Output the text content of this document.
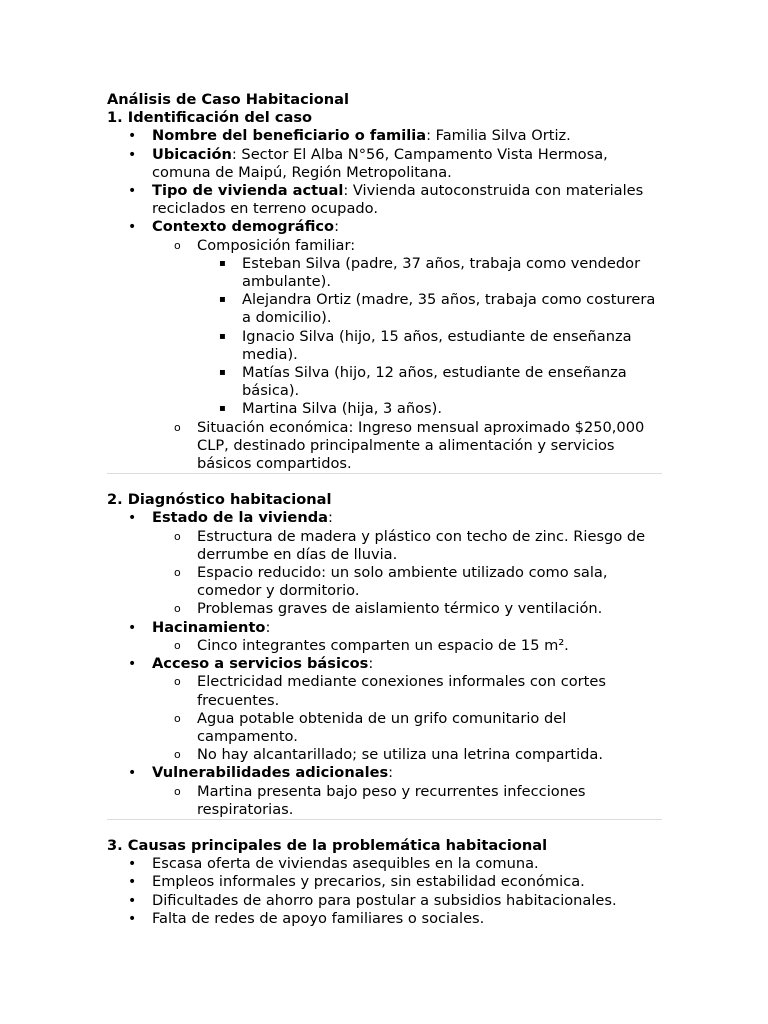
Análisis de Caso Habitacional

1. Identificación del caso

• Nombre del beneficiario o familia: Familia Silva Ortiz.
• Ubicación: Sector El Alba N°56, Campamento Vista Hermosa, comuna de Maipú, Región Metropolitana.
• Tipo de vivienda actual: Vivienda autoconstruida con materiales reciclados en terreno ocupado.
• Contexto demográfico:
o Composición familiar:
▪ Esteban Silva (padre, 37 años, trabaja como vendedor ambulante).
▪ Alejandra Ortiz (madre, 35 años, trabaja como costurera a domicilio).
▪ Ignacio Silva (hijo, 15 años, estudiante de enseñanza media).
▪ Matías Silva (hijo, 12 años, estudiante de enseñanza básica).
▪ Martina Silva (hija, 3 años).
o Situación económica: Ingreso mensual aproximado $250,000 CLP, destinado principalmente a alimentación y servicios básicos compartidos.

2. Diagnóstico habitacional

• Estado de la vivienda:
o Estructura de madera y plástico con techo de zinc. Riesgo de derrumbe en días de lluvia.
o Espacio reducido: un solo ambiente utilizado como sala, comedor y dormitorio.
o Problemas graves de aislamiento térmico y ventilación.
• Hacinamiento:
o Cinco integrantes comparten un espacio de 15 m².
• Acceso a servicios básicos:
o Electricidad mediante conexiones informales con cortes frecuentes.
o Agua potable obtenida de un grifo comunitario del campamento.
o No hay alcantarillado; se utiliza una letrina compartida.
• Vulnerabilidades adicionales:
o Martina presenta bajo peso y recurrentes infecciones respiratorias.

3. Causas principales de la problemática habitacional

• Escasa oferta de viviendas asequibles en la comuna.
• Empleos informales y precarios, sin estabilidad económica.
• Dificultades de ahorro para postular a subsidios habitacionales.
• Falta de redes de apoyo familiares o sociales.
